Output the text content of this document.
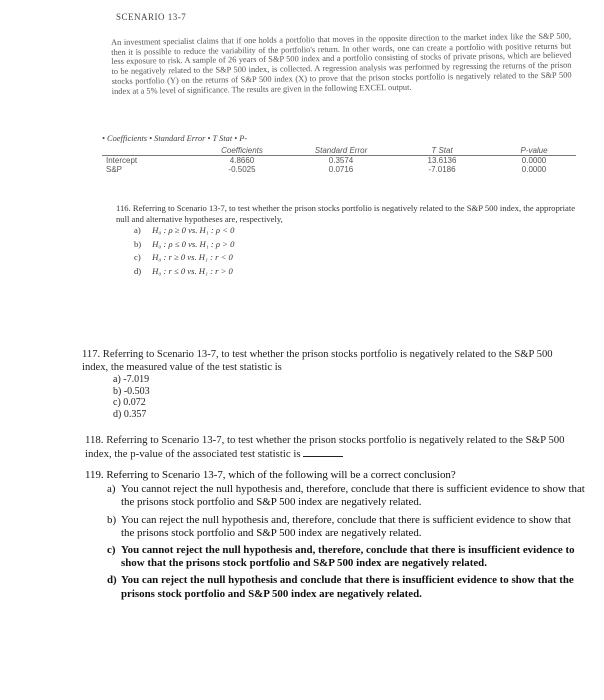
SCENARIO 13-7

An investment specialist claims that if one holds a portfolio that moves in the opposite direction to the market index like the S&P 500, then it is possible to reduce the variability of the portfolio's return. In other words, one can create a portfolio with positive returns but less exposure to risk. A sample of 26 years of S&P 500 index and a portfolio consisting of stocks of private prisons, which are believed to be negatively related to the S&P 500 index, is collected. A regression analysis was performed by regressing the returns of the prison stocks portfolio (Y) on the returns of S&P 500 index (X) to prove that the prison stocks portfolio is negatively related to the S&P 500 index at a 5% level of significance. The results are given in the following EXCEL output.

• Coefficients • Standard Error • T Stat • P-
	Coefficients	Standard Error	T Stat	P-value
Intercept	4.8660	0.3574	13.6136	0.0000
S&P	-0.5025	0.0716	-7.0186	0.0000

116. Referring to Scenario 13-7, to test whether the prison stocks portfolio is negatively related to the S&P 500 index, the appropriate null and alternative hypotheses are, respectively,

a) H₀ : ρ ≥ 0 vs. H₁ : ρ < 0
b) H₀ : ρ ≤ 0 vs. H₁ : ρ > 0
c) H₀ : r ≥ 0 vs. H₁ : r < 0
d) H₀ : r ≤ 0 vs. H₁ : r > 0

117. Referring to Scenario 13-7, to test whether the prison stocks portfolio is negatively related to the S&P 500 index, the measured value of the test statistic is

a) -7.019
b) -0.503
c) 0.072
d) 0.357

118. Referring to Scenario 13-7, to test whether the prison stocks portfolio is negatively related to the S&P 500 index, the p-value of the associated test statistic is

119. Referring to Scenario 13-7, which of the following will be a correct conclusion?

a) You cannot reject the null hypothesis and, therefore, conclude that there is sufficient evidence to show that the prisons stock portfolio and S&P 500 index are negatively related.
b) You can reject the null hypothesis and, therefore, conclude that there is sufficient evidence to show that the prisons stock portfolio and S&P 500 index are negatively related.
c) You cannot reject the null hypothesis and, therefore, conclude that there is insufficient evidence to show that the prisons stock portfolio and S&P 500 index are negatively related.
d) You can reject the null hypothesis and conclude that there is insufficient evidence to show that the prisons stock portfolio and S&P 500 index are negatively related.
